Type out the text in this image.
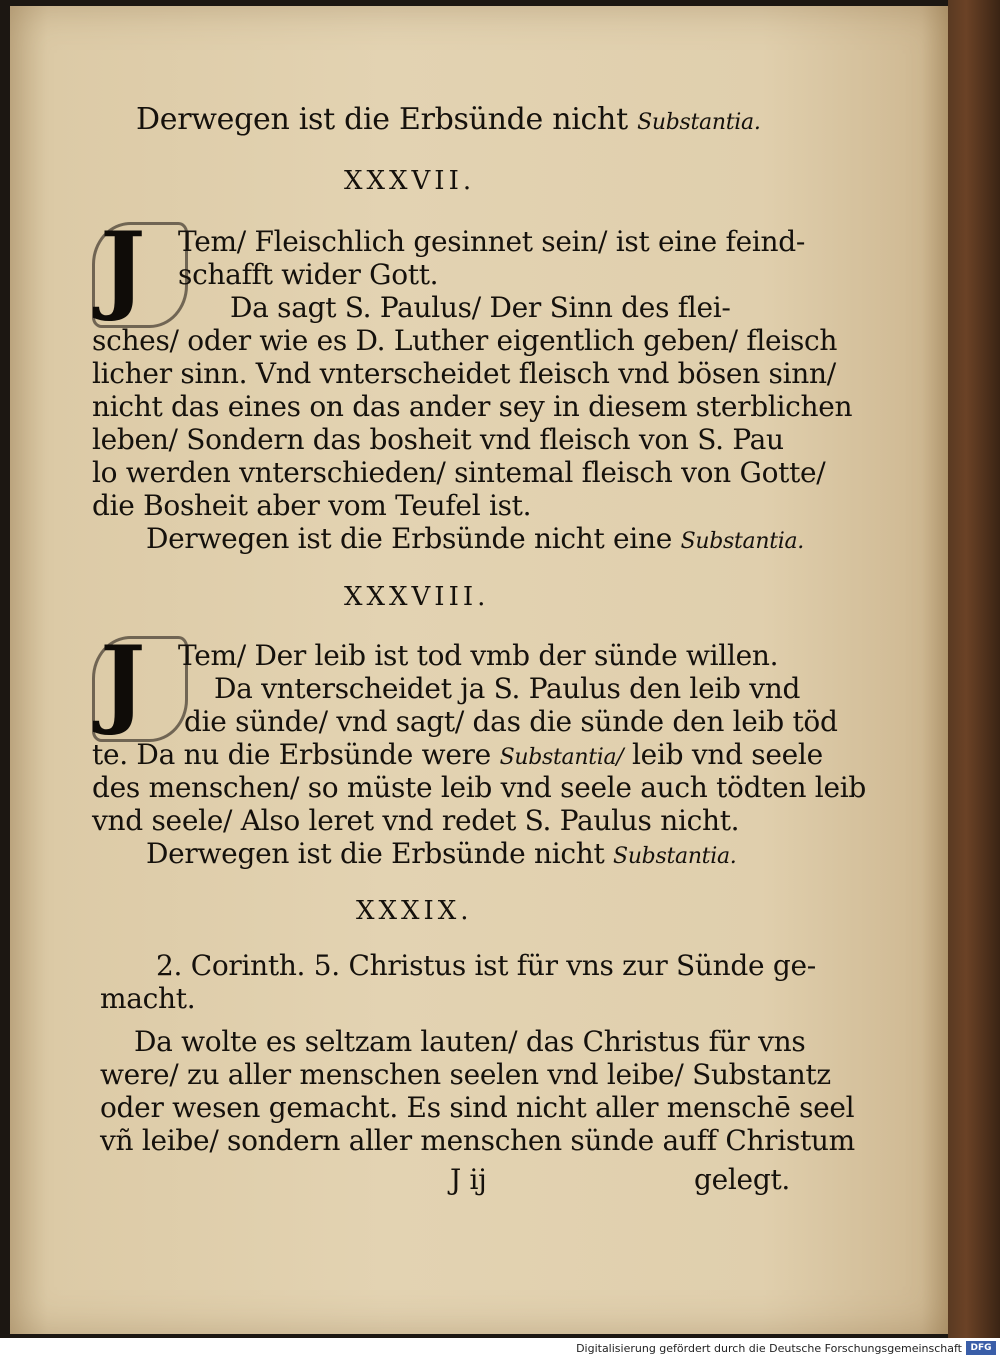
Derwegen ist die Erbsünde nicht Substantia.
XXXVII.
J Tem/ Fleischlich gesinnet sein/ ist eine feind-
schafft wider Gott.
Da sagt S. Paulus/ Der Sinn des flei-
sches/ oder wie es D. Luther eigentlich geben/ fleisch
licher sinn. Vnd vnterscheidet fleisch vnd bösen sinn/
nicht das eines on das ander sey in diesem sterblichen
leben/ Sondern das bosheit vnd fleisch von S. Pau
lo werden vnterschieden/ sintemal fleisch von Gotte/
die Bosheit aber vom Teufel ist.
Derwegen ist die Erbsünde nicht eine Substantia.
XXXVIII.
J Tem/ Der leib ist tod vmb der sünde willen.
Da vnterscheidet ja S. Paulus den leib vnd
die sünde/ vnd sagt/ das die sünde den leib töd
te. Da nu die Erbsünde were Substantia/ leib vnd seele
des menschen/ so müste leib vnd seele auch tödten leib
vnd seele/ Also leret vnd redet S. Paulus nicht.
Derwegen ist die Erbsünde nicht Substantia.
XXXIX.
2. Corinth. 5. Christus ist für vns zur Sünde ge-
macht.
Da wolte es seltzam lauten/ das Christus für vns
were/ zu aller menschen seelen vnd leibe/ Substantz
oder wesen gemacht. Es sind nicht aller menschē seel
vñ leibe/ sondern aller menschen sünde auff Christum
J ij	gelegt.
Digitalisierung gefördert durch die Deutsche Forschungsgemeinschaft DFG
